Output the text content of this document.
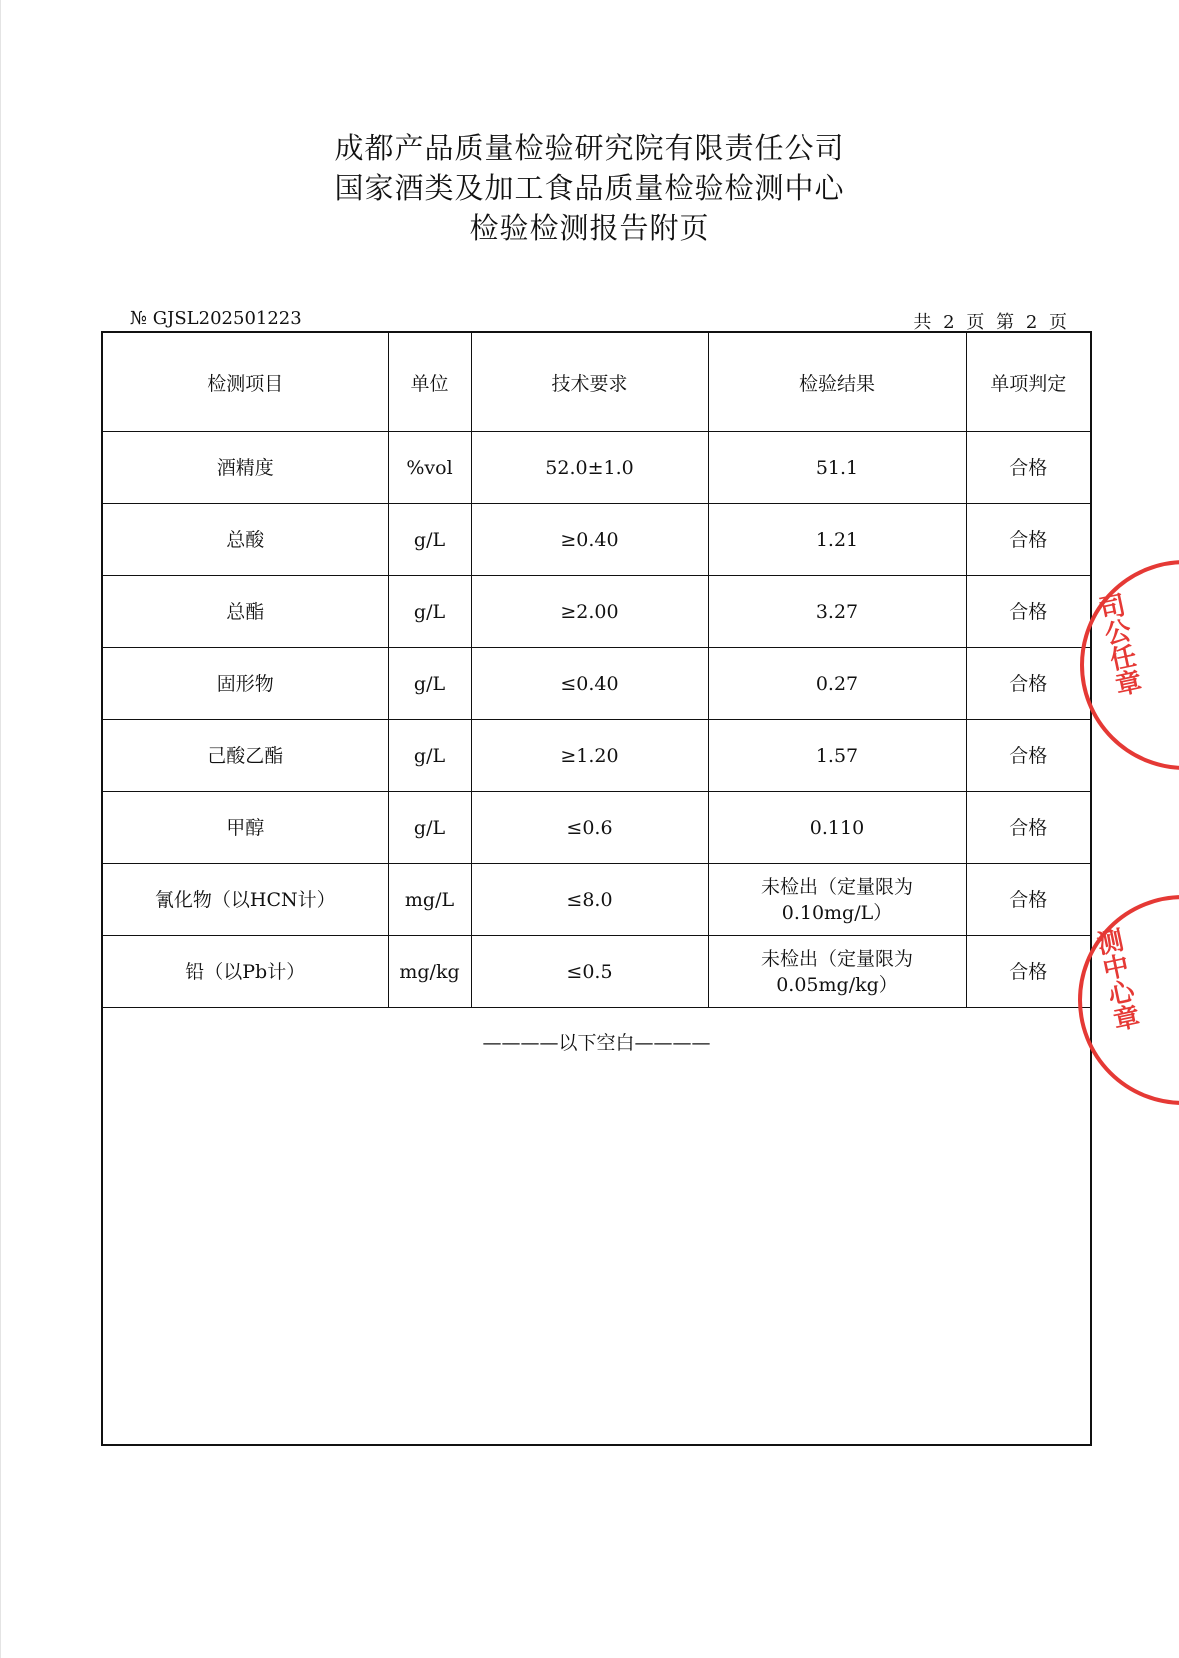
成都产品质量检验研究院有限责任公司
国家酒类及加工食品质量检验检测中心
检验检测报告附页
№ GJSL202501223	共 2 页 第 2 页
检测项目	单位	技术要求	检验结果	单项判定
酒精度	%vol	52.0±1.0	51.1	合格
总酸	g/L	≥0.40	1.21	合格
总酯	g/L	≥2.00	3.27	合格
固形物	g/L	≤0.40	0.27	合格
己酸乙酯	g/L	≥1.20	1.57	合格
甲醇	g/L	≤0.6	0.110	合格
氰化物（以HCN计）	mg/L	≤8.0	未检出（定量限为
0.10mg/L）	合格
铅（以Pb计）	mg/kg	≤0.5	未检出（定量限为
0.05mg/kg）	合格

————以下空白————				
司公任章
测中心章
